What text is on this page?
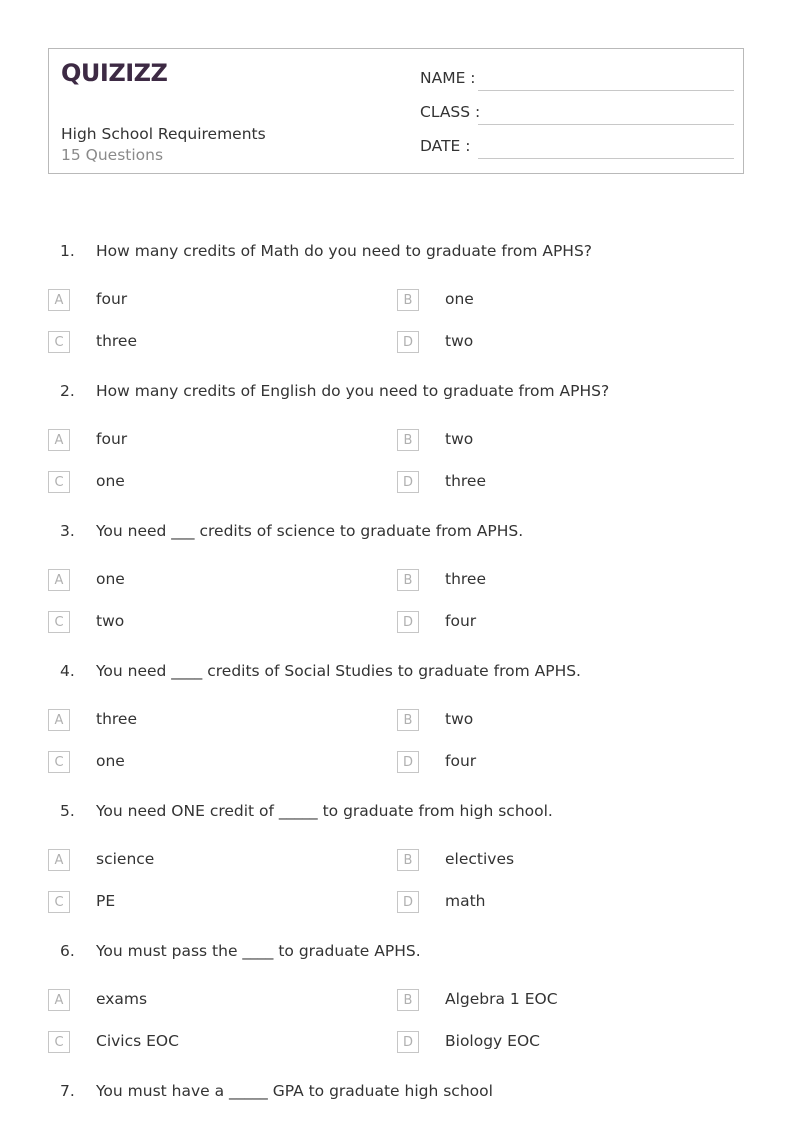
QUIZIZZ
High School Requirements
15 Questions
NAME :
CLASS :
DATE :
1. How many credits of Math do you need to graduate from APHS?
A	four	B	one
C	three	D	two
2. How many credits of English do you need to graduate from APHS?
A	four	B	two
C	one	D	three
3. You need ___ credits of science to graduate from APHS.
A	one	B	three
C	two	D	four
4. You need ____ credits of Social Studies to graduate from APHS.
A	three	B	two
C	one	D	four
5. You need ONE credit of _____ to graduate from high school.
A	science	B	electives
C	PE	D	math
6. You must pass the ____ to graduate APHS.
A	exams	B	Algebra 1 EOC
C	Civics EOC	D	Biology EOC
7. You must have a _____ GPA to graduate high school
